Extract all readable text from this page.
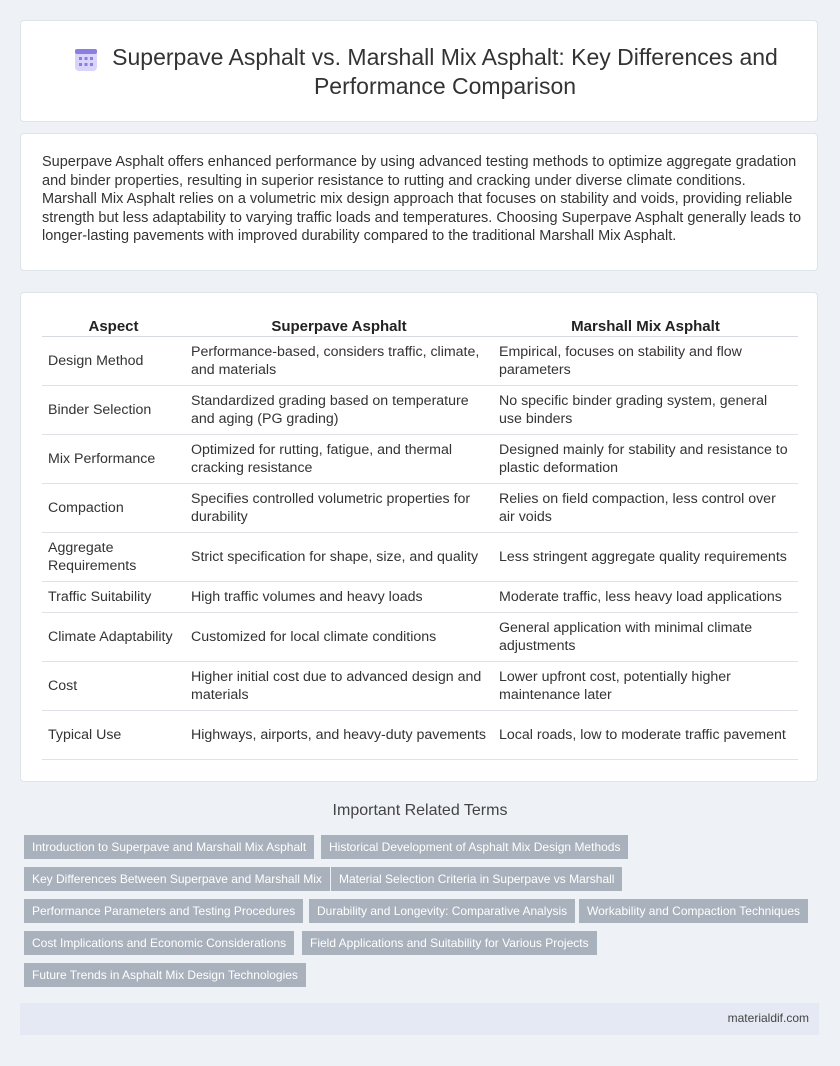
Superpave Asphalt vs. Marshall Mix Asphalt: Key Differences and Performance Comparison

Superpave Asphalt offers enhanced performance by using advanced testing methods to optimize aggregate gradation and binder properties, resulting in superior resistance to rutting and cracking under diverse climate conditions. Marshall Mix Asphalt relies on a volumetric mix design approach that focuses on stability and voids, providing reliable strength but less adaptability to varying traffic loads and temperatures. Choosing Superpave Asphalt generally leads to longer-lasting pavements with improved durability compared to the traditional Marshall Mix Asphalt.

Aspect	Superpave Asphalt	Marshall Mix Asphalt
Design Method	Performance-based, considers traffic, climate, and materials	Empirical, focuses on stability and flow parameters
Binder Selection	Standardized grading based on temperature and aging (PG grading)	No specific binder grading system, general use binders
Mix Performance	Optimized for rutting, fatigue, and thermal cracking resistance	Designed mainly for stability and resistance to plastic deformation
Compaction	Specifies controlled volumetric properties for durability	Relies on field compaction, less control over air voids
Aggregate Requirements	Strict specification for shape, size, and quality	Less stringent aggregate quality requirements
Traffic Suitability	High traffic volumes and heavy loads	Moderate traffic, less heavy load applications
Climate Adaptability	Customized for local climate conditions	General application with minimal climate adjustments
Cost	Higher initial cost due to advanced design and materials	Lower upfront cost, potentially higher maintenance later
Typical Use	Highways, airports, and heavy-duty pavements	Local roads, low to moderate traffic pavement
Important Related Terms
Introduction to Superpave and Marshall Mix Asphalt	Historical Development of Asphalt Mix Design Methods
Key Differences Between Superpave and Marshall Mix	Material Selection Criteria in Superpave vs Marshall
Performance Parameters and Testing Procedures	Durability and Longevity: Comparative Analysis	Workability and Compaction Techniques
Cost Implications and Economic Considerations	Field Applications and Suitability for Various Projects
Future Trends in Asphalt Mix Design Technologies
materialdif.com
